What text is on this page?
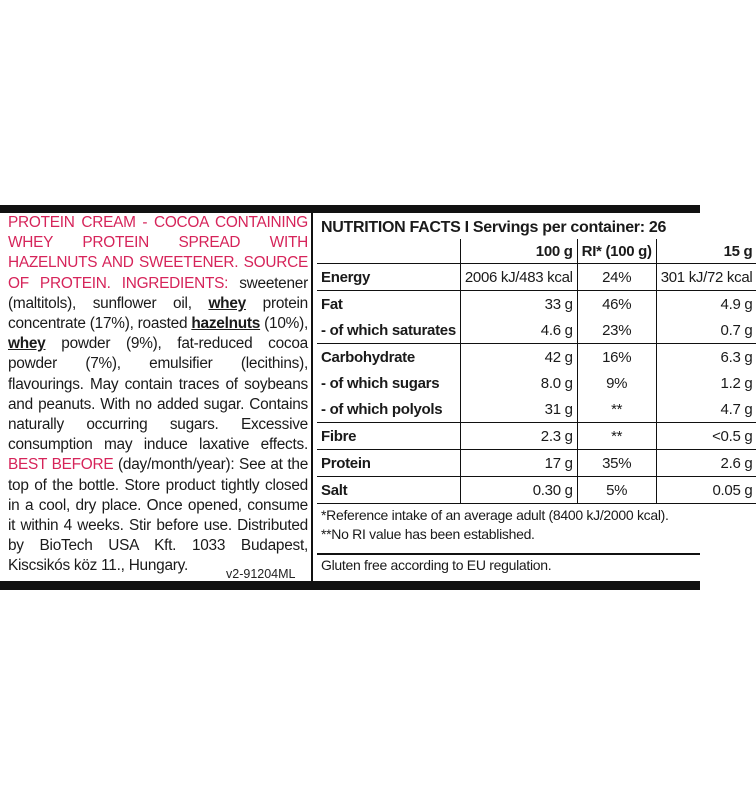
PROTEIN CREAM - COCOA CONTAINING WHEY PROTEIN SPREAD WITH HAZELNUTS AND SWEETENER. SOURCE OF PROTEIN. INGREDIENTS: sweetener (maltitols), sunflower oil, whey protein concentrate (17%), roasted hazelnuts (10%), whey powder (9%), fat-reduced cocoa powder (7%), emulsifier (lecithins), flavourings. May contain traces of soybeans and peanuts. With no added sugar. Contains naturally occurring sugars. Excessive consumption may induce laxative effects. BEST BEFORE (day/month/year): See at the top of the bottle. Store product tightly closed in a cool, dry place. Once opened, consume it within 4 weeks. Stir before use. Distributed by BioTech USA Kft. 1033 Budapest, Kiscsikós köz 11., Hungary.	v2-91204ML
NUTRITION FACTS I Servings per container: 26
	100 g	RI* (100 g)	15 g
Energy	2006 kJ/483 kcal	24%	301 kJ/72 kcal
Fat	33 g	46%	4.9 g
- of which saturates	4.6 g	23%	0.7 g
Carbohydrate	42 g	16%	6.3 g
- of which sugars	8.0 g	9%	1.2 g
- of which polyols	31 g	**	4.7 g
Fibre	2.3 g	**	<0.5 g
Protein	17 g	35%	2.6 g
Salt	0.30 g	5%	0.05 g
*Reference intake of an average adult (8400 kJ/2000 kcal).
**No RI value has been established.
Gluten free according to EU regulation.
